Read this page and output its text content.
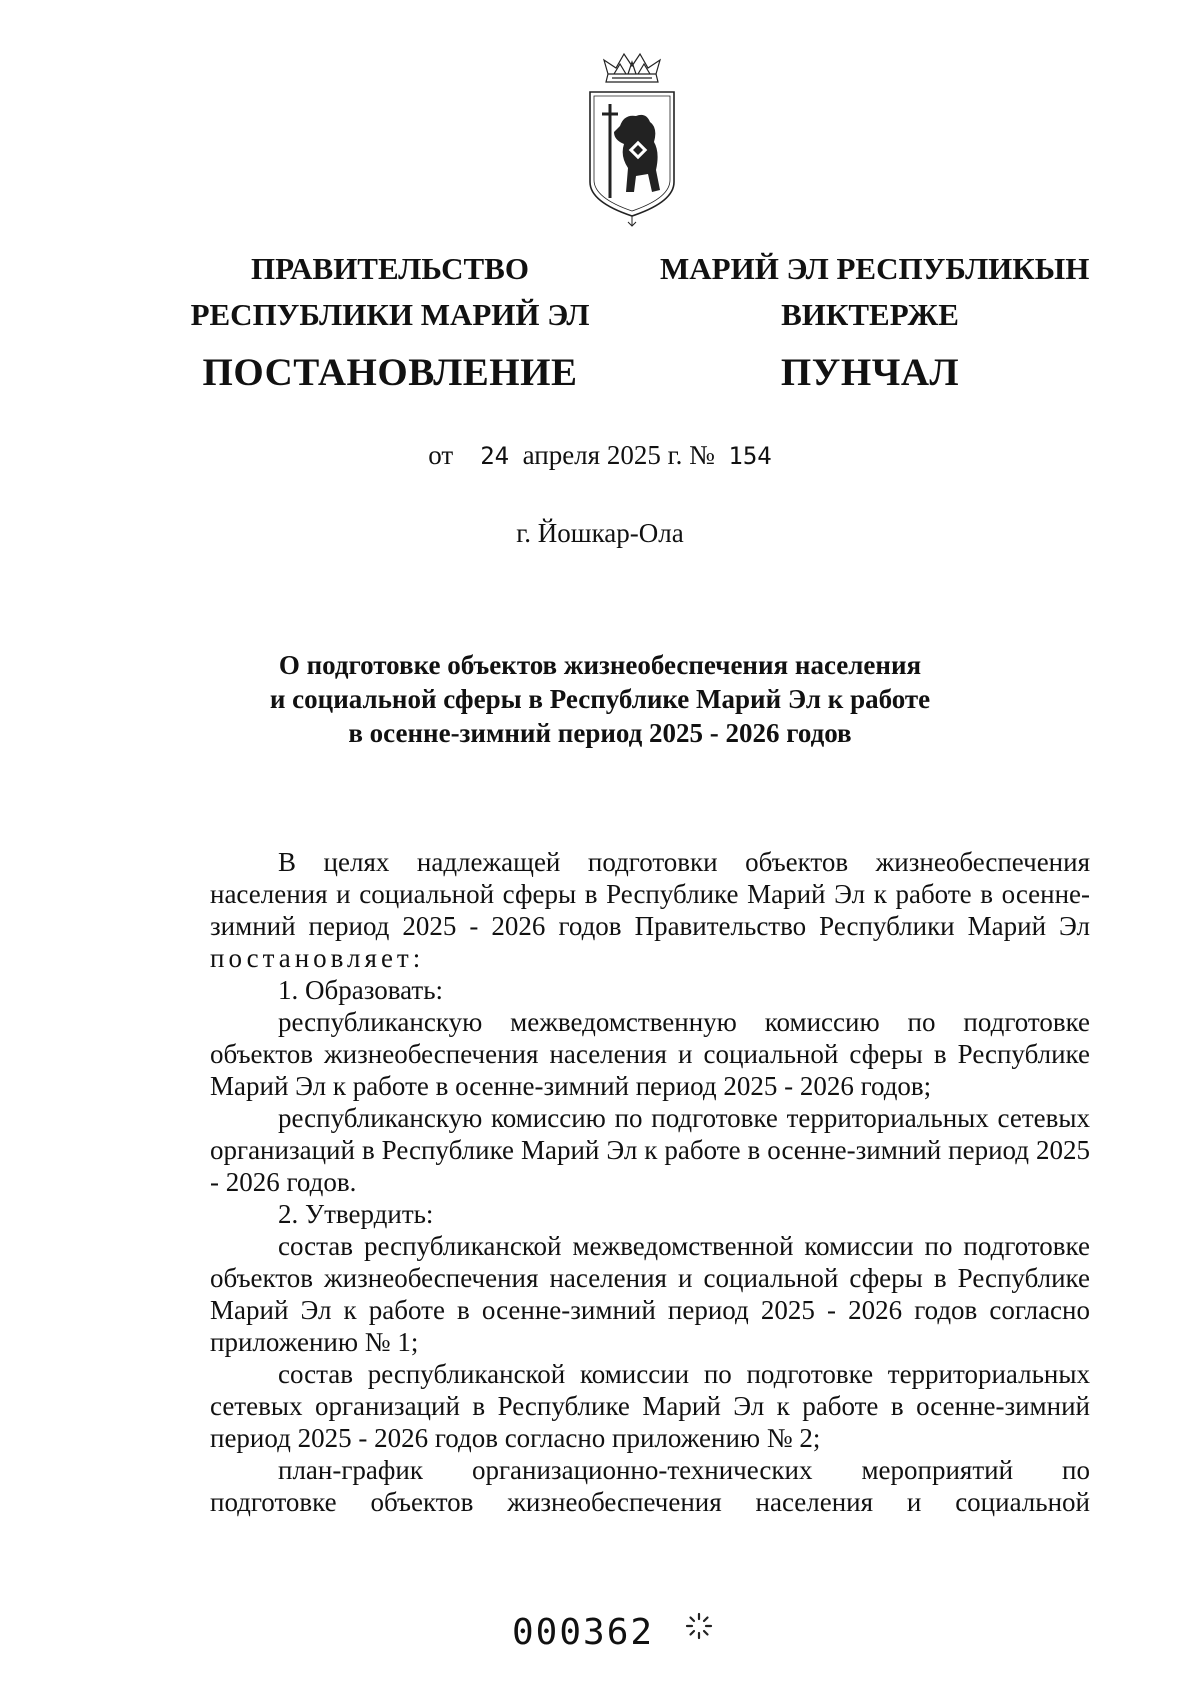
ПРАВИТЕЛЬСТВО
РЕСПУБЛИКИ МАРИЙ ЭЛ
ПОСТАНОВЛЕНИЕ
МАРИЙ ЭЛ РЕСПУБЛИКЫН
ВИКТЕРЖЕ
ПУНЧАЛ
от 24 апреля 2025 г. № 154
г. Йошкар-Ола
О подготовке объектов жизнеобеспечения населения
и социальной сферы в Республике Марий Эл к работе
в осенне-зимний период 2025 - 2026 годов

В целях надлежащей подготовки объектов жизнеобеспечения населения и социальной сферы в Республике Марий Эл к работе в осенне-зимний период 2025 - 2026 годов Правительство Республики Марий Эл постановляет:

1. Образовать:

республиканскую межведомственную комиссию по подготовке объектов жизнеобеспечения населения и социальной сферы в Республике Марий Эл к работе в осенне-зимний период 2025 - 2026 годов;

республиканскую комиссию по подготовке территориальных сетевых организаций в Республике Марий Эл к работе в осенне-зимний период 2025 - 2026 годов.

2. Утвердить:

состав республиканской межведомственной комиссии по подготовке объектов жизнеобеспечения населения и социальной сферы в Республике Марий Эл к работе в осенне-зимний период 2025 - 2026 годов согласно приложению № 1;

состав республиканской комиссии по подготовке территориальных сетевых организаций в Республике Марий Эл к работе в осенне-зимний период 2025 - 2026 годов согласно приложению № 2;

план-график организационно-технических мероприятий по подготовке объектов жизнеобеспечения населения и социальной

000362
